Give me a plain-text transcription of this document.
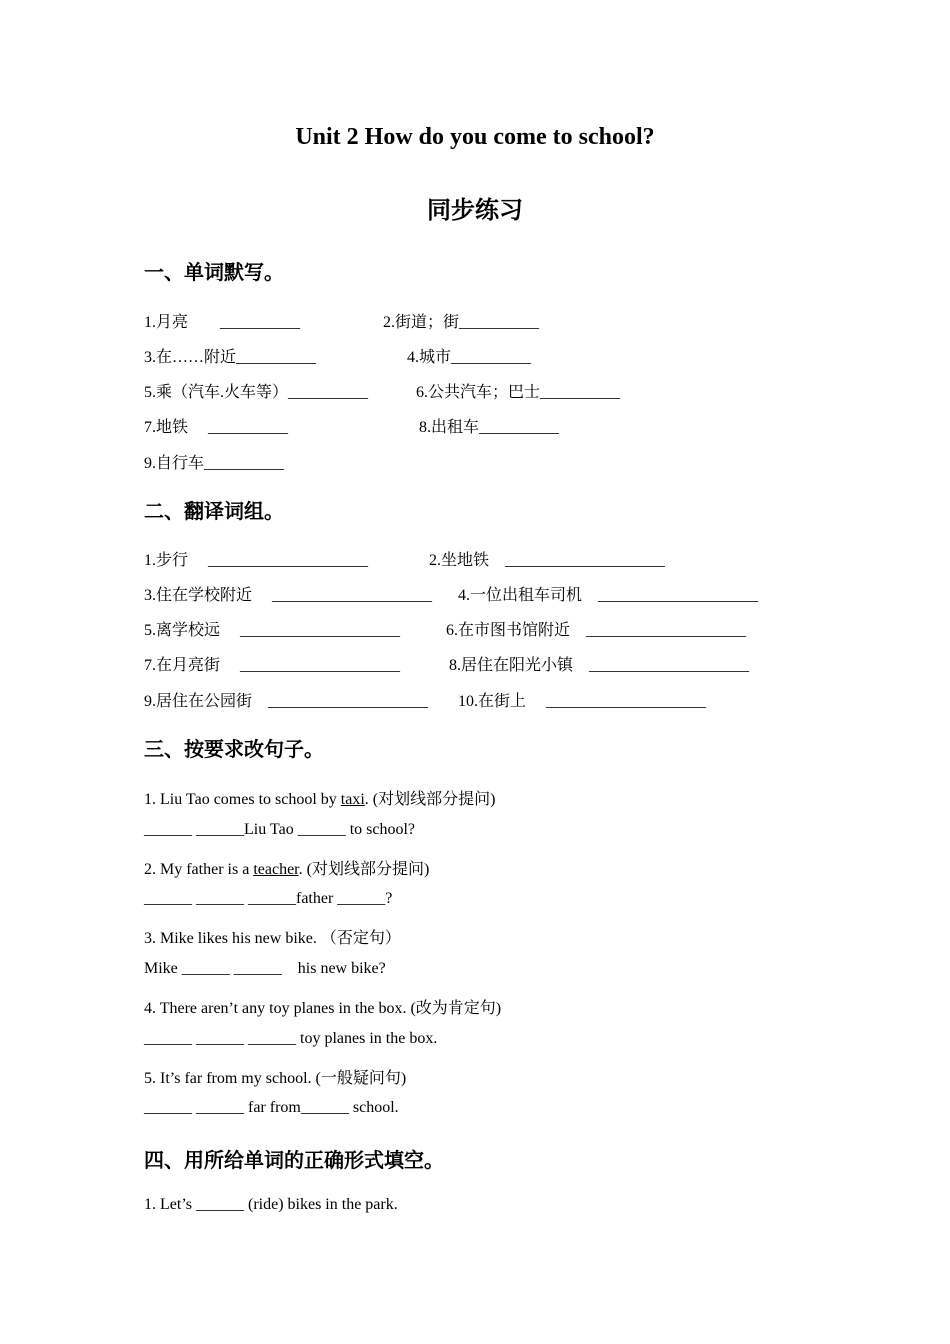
Unit 2 How do you come to school?
同步练习
一、单词默写。

1.月亮　　__________	2.街道；街__________

3.在……附近__________	4.城市__________

5.乘（汽车.火车等）__________	6.公共汽车；巴士__________

7.地铁　 __________	8.出租车__________

9.自行车__________

二、翻译词组。

1.步行　 ____________________	2.坐地铁　____________________

3.住在学校附近　 ____________________ 4.一位出租车司机　____________________

5.离学校远　 ____________________	6.在市图书馆附近　____________________

7.在月亮街　 ____________________	8.居住在阳光小镇　____________________

9.居住在公园街　____________________ 10.在街上　 ____________________

三、按要求改句子。

1. Liu Tao comes to school by taxi. (对划线部分提问)

______ ______Liu Tao ______ to school?

2. My father is a teacher. (对划线部分提问)

______ ______ ______father ______?

3. Mike likes his new bike. （否定句）

Mike ______ ______    his new bike?

4. There aren’t any toy planes in the box. (改为肯定句)

______ ______ ______ toy planes in the box.

5. It’s far from my school. (一般疑问句)

______ ______ far from______ school.

四、用所给单词的正确形式填空。

1. Let’s ______ (ride) bikes in the park.
